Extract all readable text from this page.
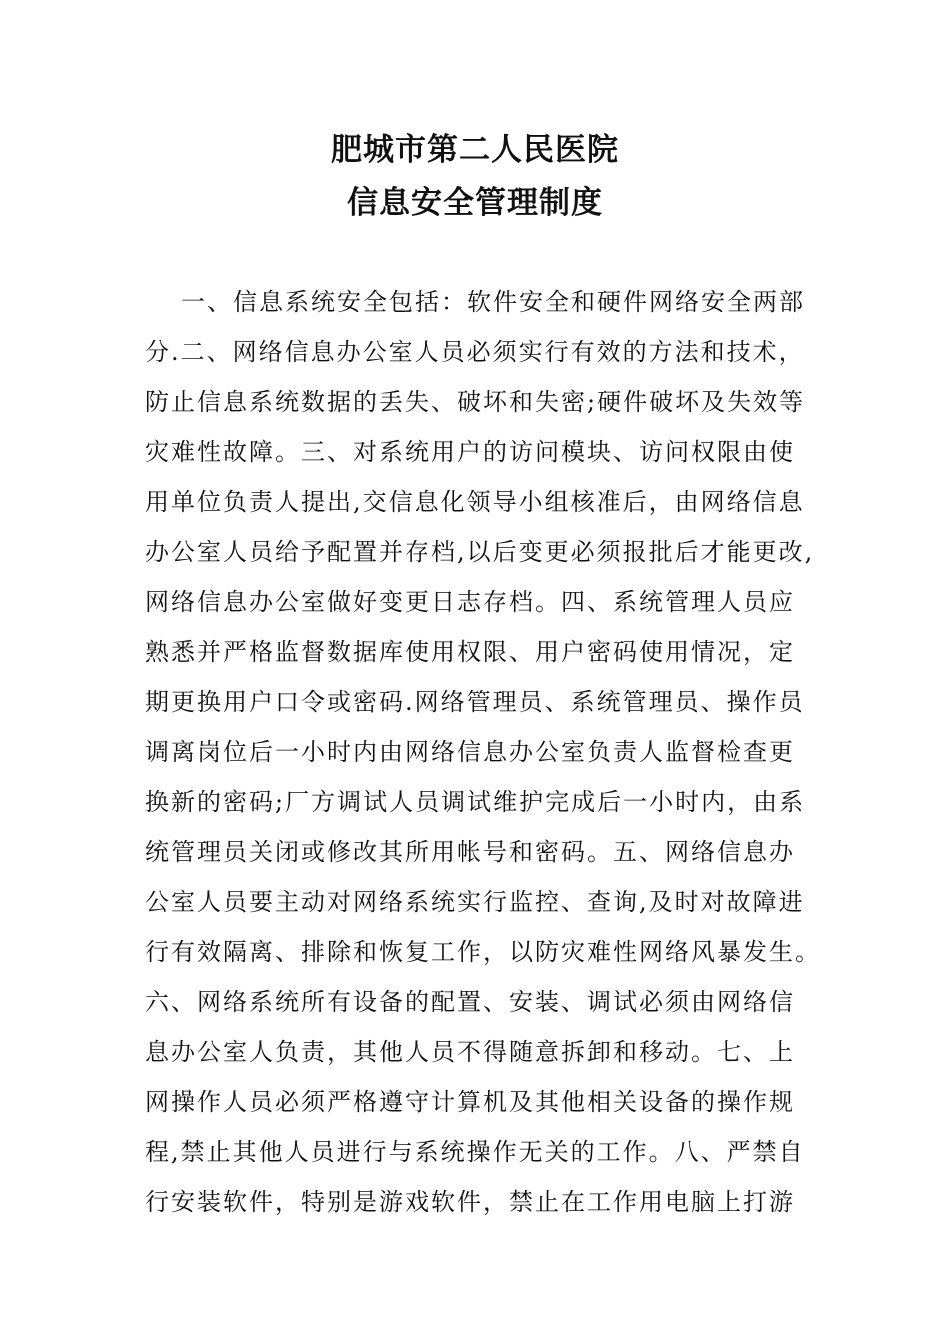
肥城市第二人民医院
信息安全管理制度
一、信息系统安全包括：软件安全和硬件网络安全两部
分.二、网络信息办公室人员必须实行有效的方法和技术，
防止信息系统数据的丢失、破坏和失密;硬件破坏及失效等
灾难性故障。三、对系统用户的访问模块、访问权限由使
用单位负责人提出,交信息化领导小组核准后，由网络信息
办公室人员给予配置并存档,以后变更必须报批后才能更改,
网络信息办公室做好变更日志存档。四、系统管理人员应
熟悉并严格监督数据库使用权限、用户密码使用情况，定
期更换用户口令或密码.网络管理员、系统管理员、操作员
调离岗位后一小时内由网络信息办公室负责人监督检查更
换新的密码;厂方调试人员调试维护完成后一小时内，由系
统管理员关闭或修改其所用帐号和密码。五、网络信息办
公室人员要主动对网络系统实行监控、查询,及时对故障进
行有效隔离、排除和恢复工作，以防灾难性网络风暴发生。
六、网络系统所有设备的配置、安装、调试必须由网络信
息办公室人负责，其他人员不得随意拆卸和移动。七、上
网操作人员必须严格遵守计算机及其他相关设备的操作规
程,禁止其他人员进行与系统操作无关的工作。八、严禁自
行安装软件，特别是游戏软件，禁止在工作用电脑上打游
